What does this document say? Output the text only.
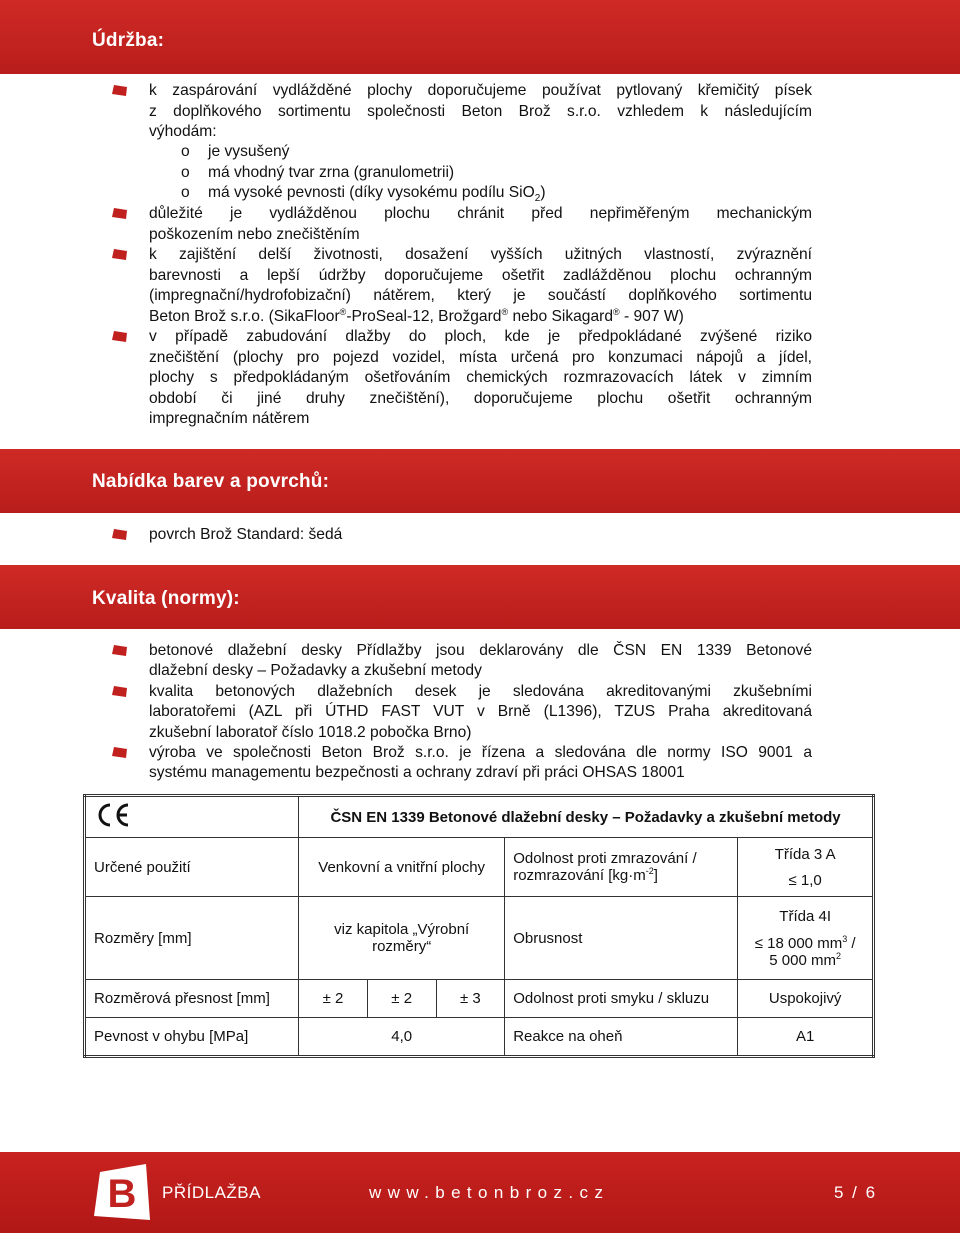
Údržba:
k zaspárování vydlážděné plochy doporučujeme používat pytlovaný křemičitý písek
z doplňkového sortimentu společnosti Beton Brož s.r.o. vzhledem k následujícím
výhodám:
o je vysušený
o má vhodný tvar zrna (granulometrii)
o má vysoké pevnosti (díky vysokému podílu SiO$_2$)
důležité je vydlážděnou plochu chránit před nepřiměřeným mechanickým
poškozením nebo znečištěním
k zajištění delší životnosti, dosažení vyšších užitných vlastností, zvýraznění
barevnosti a lepší údržby doporučujeme ošetřit zadlážděnou plochu ochranným
(impregnační/hydrofobizační) nátěrem, který je součástí doplňkového sortimentu
Beton Brož s.r.o. (SikaFloor®-ProSeal-12, Brožgard® nebo Sikagard® - 907 W)
v případě zabudování dlažby do ploch, kde je předpokládané zvýšené riziko
znečištění (plochy pro pojezd vozidel, místa určená pro konzumaci nápojů a jídel,
plochy s předpokládaným ošetřováním chemických rozmrazovacích látek v zimním
období či jiné druhy znečištění), doporučujeme plochu ošetřit ochranným
impregnačním nátěrem
Nabídka barev a povrchů:
povrch Brož Standard: šedá
Kvalita (normy):
betonové dlažební desky Přídlažby jsou deklarovány dle ČSN EN 1339 Betonové
dlažební desky – Požadavky a zkušební metody
kvalita betonových dlažebních desek je sledována akreditovanými zkušebními
laboratořemi (AZL při ÚTHD FAST VUT v Brně (L1396), TZUS Praha akreditovaná
zkušební laboratoř číslo 1018.2 pobočka Brno)
výroba ve společnosti Beton Brož s.r.o. je řízena a sledována dle normy ISO 9001 a
systému managementu bezpečnosti a ochrany zdraví při práci OHSAS 18001
	ČSN EN 1339 Betonové dlažební desky – Požadavky a zkušební metody				
Určené použití	Venkovní a vnitřní plochy			Odolnost proti zmrazování / rozmrazování $[kg\cdot m^{-2}]$	Třída 3 A
≤ 1,0

Rozměry [mm]	viz kapitola „Výrobní rozměry“			Obrusnost	Třída 4I
≤ 18 000 $mm^3$ /
5 000 $mm^2$

Rozměrová přesnost [mm]	± 2	± 2	± 3	Odolnost proti smyku / skluzu	Uspokojivý
Pevnost v ohybu [MPa]	4,0			Reakce na oheň	A1
B PŘÍDLAŽBA	www.betonbroz.cz	5 / 6
